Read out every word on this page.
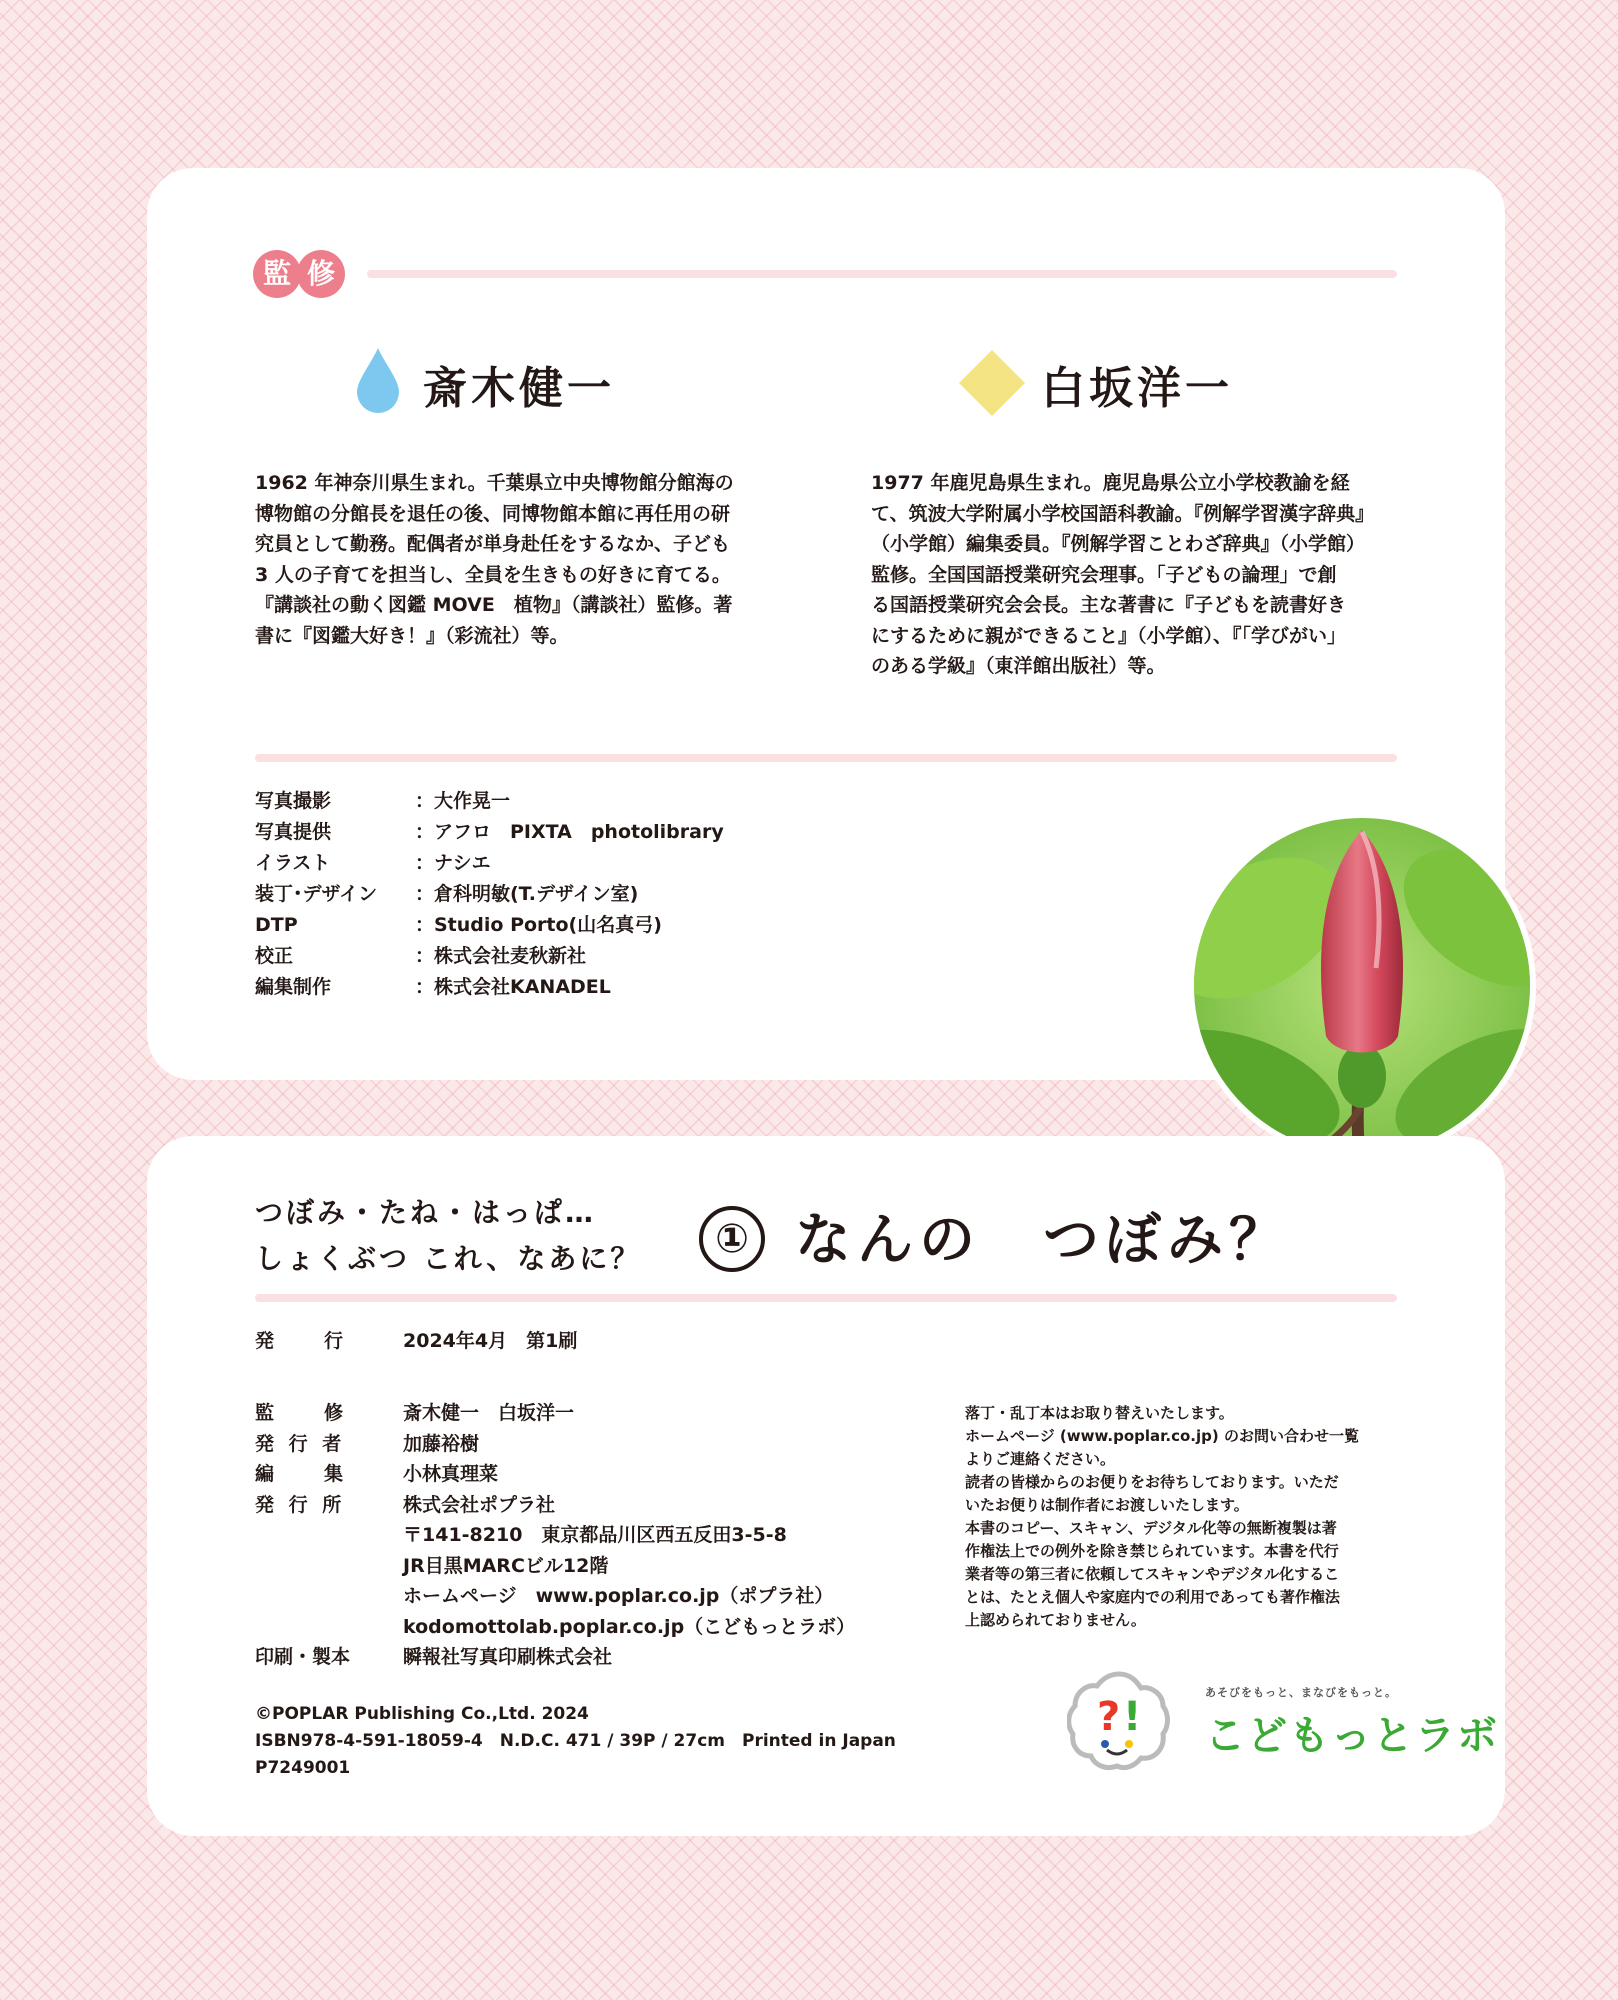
監 修
斎木健一
1962 年神奈川県生まれ。千葉県立中央博物館分館海の
博物館の分館長を退任の後、同博物館本館に再任用の研
究員として勤務。配偶者が単身赴任をするなか、子ども
3 人の子育てを担当し、全員を生きもの好きに育てる。
『講談社の動く図鑑 MOVE　植物』（講談社）監修。著
書に『図鑑大好き！』（彩流社）等。
白坂洋一
1977 年鹿児島県生まれ。鹿児島県公立小学校教諭を経
て、筑波大学附属小学校国語科教諭。『例解学習漢字辞典』
（小学館）編集委員。『例解学習ことわざ辞典』（小学館）
監修。全国国語授業研究会理事。「子どもの論理」で創
る国語授業研究会会長。主な著書に『子どもを読書好き
にするために親ができること』（小学館）、『「学びがい」
のある学級』（東洋館出版社）等。
写真撮影	：大作晃一
写真提供	：アフロ　PIXTA　photolibrary
イラスト	：ナシエ
装丁･デザイン ：倉科明敏(T.デザイン室)
DTP	：Studio Porto(山名真弓)
校正	：株式会社麦秋新社
編集制作	：株式会社KANADEL
つぼみ・たね・はっぱ…
しょくぶつ これ、なあに？	① なんの　つぼみ？
発　　行	2024年4月　第1刷
監　　修	斎木健一　白坂洋一
発 行 者	加藤裕樹
編　　集	小林真理菜
発 行 所	株式会社ポプラ社
〒141-8210　東京都品川区西五反田3-5-8
JR目黒MARCビル12階
ホームページ　www.poplar.co.jp（ポプラ社）
kodomottolab.poplar.co.jp（こどもっとラボ）
印刷・製本	瞬報社写真印刷株式会社
落丁・乱丁本はお取り替えいたします。
ホームページ (www.poplar.co.jp) のお問い合わせ一覧
よりご連絡ください。
読者の皆様からのお便りをお待ちしております。いただ
いたお便りは制作者にお渡しいたします。
本書のコピー、スキャン、デジタル化等の無断複製は著
作権法上での例外を除き禁じられています。本書を代行
業者等の第三者に依頼してスキャンやデジタル化するこ
とは、たとえ個人や家庭内での利用であっても著作権法
上認められておりません。
©POPLAR Publishing Co.,Ltd. 2024
ISBN978-4-591-18059-4　N.D.C. 471 / 39P / 27cm　Printed in Japan
P7249001
? !
あそびをもっと、まなびをもっと。
こどもっとラボ
